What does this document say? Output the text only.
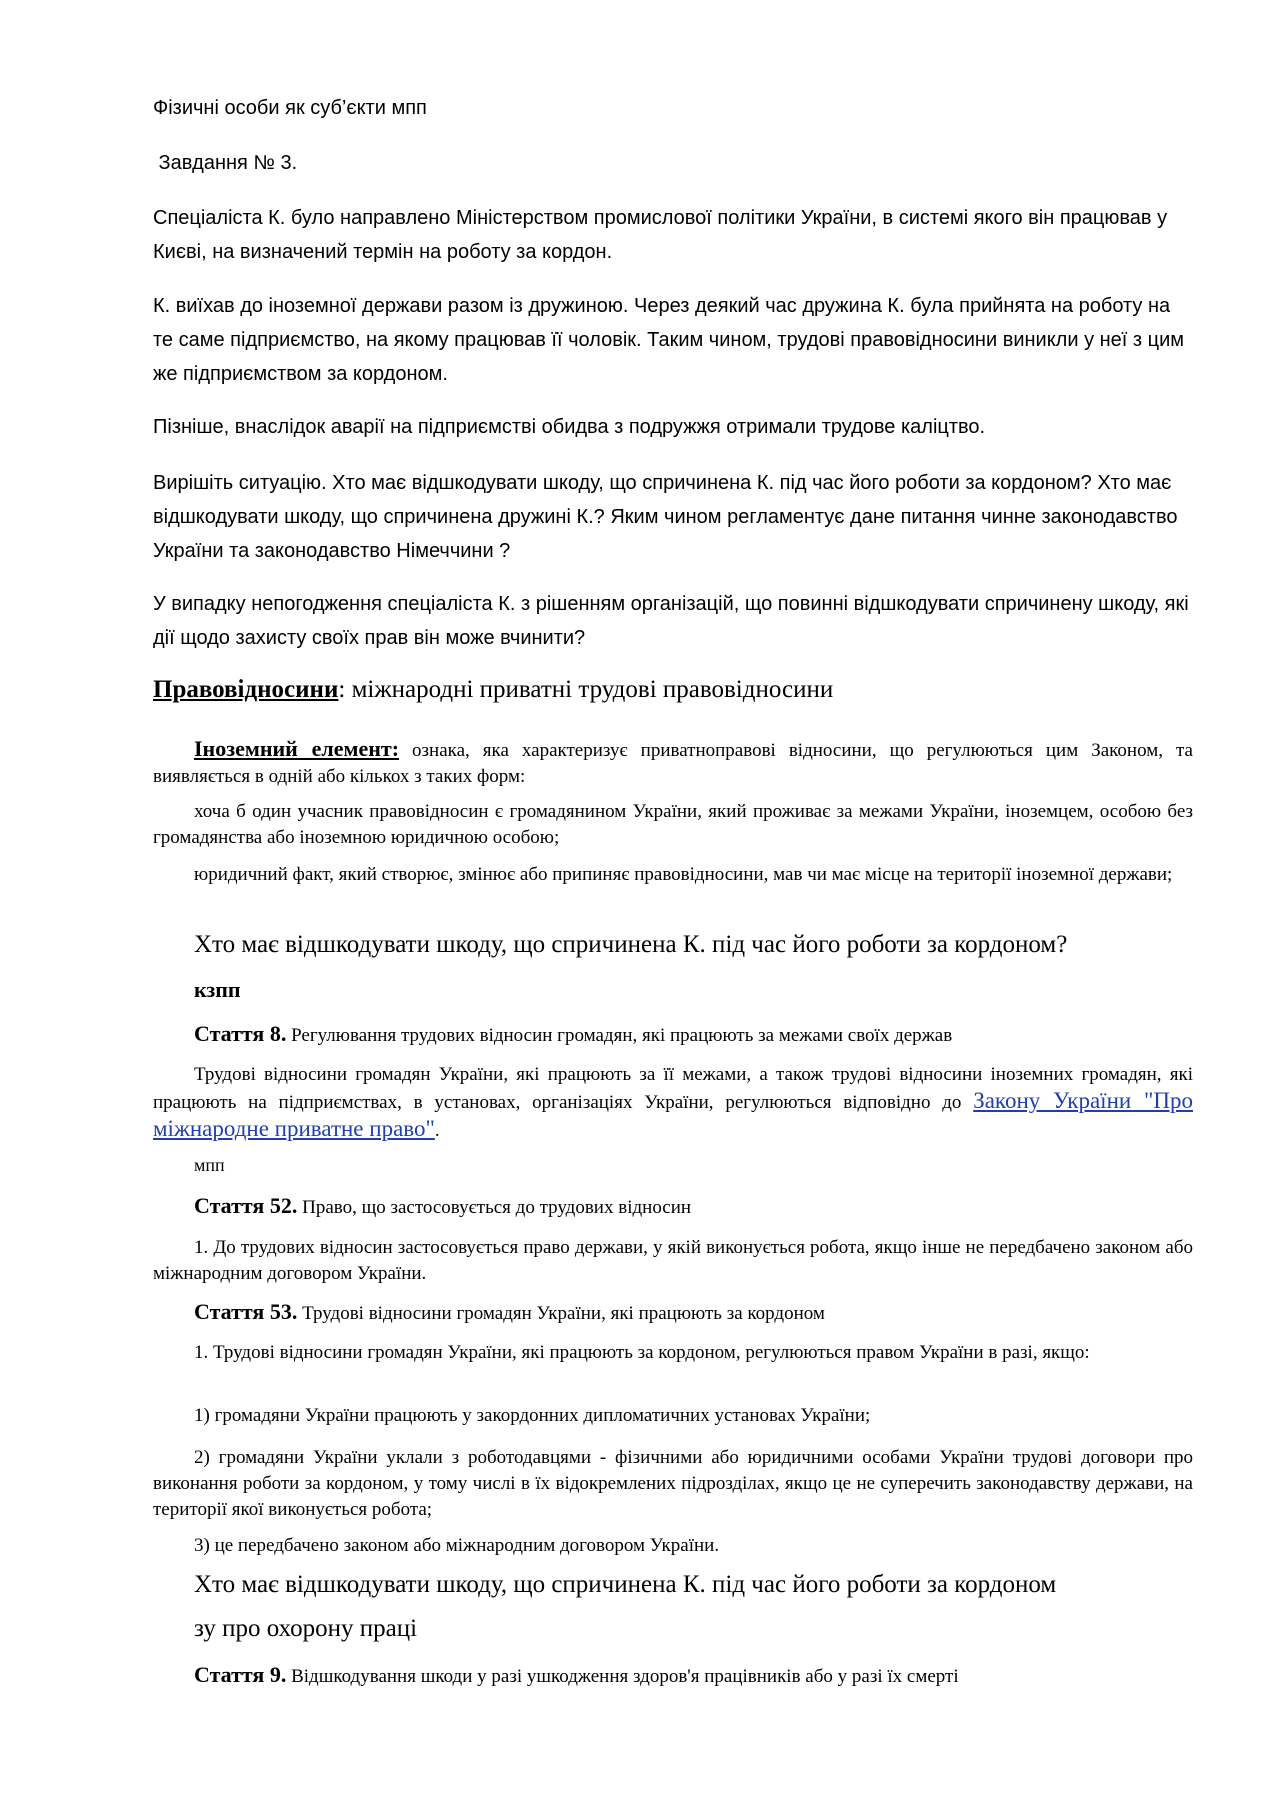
Фізичні особи як суб’єкти мпп

Завдання № 3.

Спеціаліста К. було направлено Міністерством промислової політики України, в системі якого він працював у Києві, на визначений термін на роботу за кордон.

К. виїхав до іноземної держави разом із дружиною. Через деякий час дружина К. була прийнята на роботу на те саме підприємство, на якому працював її чоловік. Таким чином, трудові правовідносини виникли у неї з цим же підприємством за кордоном.

Пізніше, внаслідок аварії на підприємстві обидва з подружжя отримали трудове каліцтво.

Вирішіть ситуацію. Хто має відшкодувати шкоду, що спричинена К. під час його роботи за кордоном? Хто має відшкодувати шкоду, що спричинена дружині К.? Яким чином регламентує дане питання чинне законодавство України та законодавство Німеччини ?

У випадку непогодження спеціаліста К. з рішенням організацій, що повинні відшкодувати спричинену шкоду, які дії щодо захисту своїх прав він може вчинити?

Правовідносини: міжнародні приватні трудові правовідносини

Іноземний елемент: ознака, яка характеризує приватноправові відносини, що регулюються цим Законом, та виявляється в одній або кількох з таких форм:

хоча б один учасник правовідносин є громадянином України, який проживає за межами України, іноземцем, особою без громадянства або іноземною юридичною особою;

юридичний факт, який створює, змінює або припиняє правовідносини, мав чи має місце на території іноземної держави;

Хто має відшкодувати шкоду, що спричинена К. під час його роботи за кордоном?

кзпп

Стаття 8. Регулювання трудових відносин громадян, які працюють за межами своїх держав

Трудові відносини громадян України, які працюють за її межами, а також трудові відносини іноземних громадян, які працюють на підприємствах, в установах, організаціях України, регулюються відповідно до Закону України "Про міжнародне приватне право".

мпп

Стаття 52. Право, що застосовується до трудових відносин

1. До трудових відносин застосовується право держави, у якій виконується робота, якщо інше не передбачено законом або міжнародним договором України.

Стаття 53. Трудові відносини громадян України, які працюють за кордоном

1. Трудові відносини громадян України, які працюють за кордоном, регулюються правом України в разі, якщо:

1) громадяни України працюють у закордонних дипломатичних установах України;

2) громадяни України уклали з роботодавцями - фізичними або юридичними особами України трудові договори про виконання роботи за кордоном, у тому числі в їх відокремлених підрозділах, якщо це не суперечить законодавству держави, на території якої виконується робота;

3) це передбачено законом або міжнародним договором України.

Хто має відшкодувати шкоду, що спричинена К. під час його роботи за кордоном

зу про охорону праці

Стаття 9. Відшкодування шкоди у разі ушкодження здоров'я працівників або у разі їх смерті
